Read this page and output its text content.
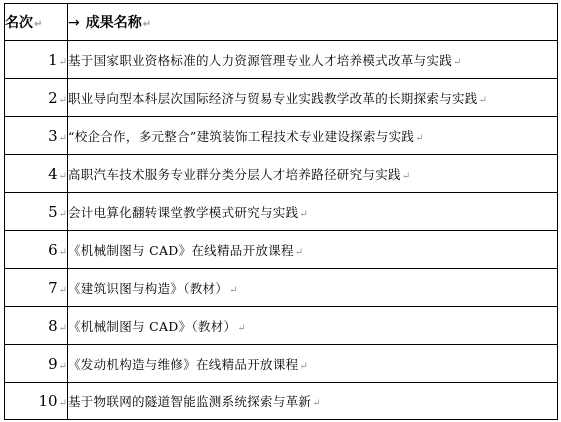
名次↵	→ 成果名称↵
1↵	基于国家职业资格标准的人力资源管理专业人才培养模式改革与实践↵
2↵	职业导向型本科层次国际经济与贸易专业实践教学改革的长期探索与实践↵
3↵	“校企合作，多元整合”建筑装饰工程技术专业建设探索与实践↵
4↵	高职汽车技术服务专业群分类分层人才培养路径研究与实践↵
5↵	会计电算化翻转课堂教学模式研究与实践↵
6↵	《机械制图与 CAD》在线精品开放课程↵
7↵	《建筑识图与构造》（教材）↵
8↵	《机械制图与 CAD》（教材）↵
9↵	《发动机构造与维修》在线精品开放课程↵
10↵	基于物联网的隧道智能监测系统探索与革新↵
